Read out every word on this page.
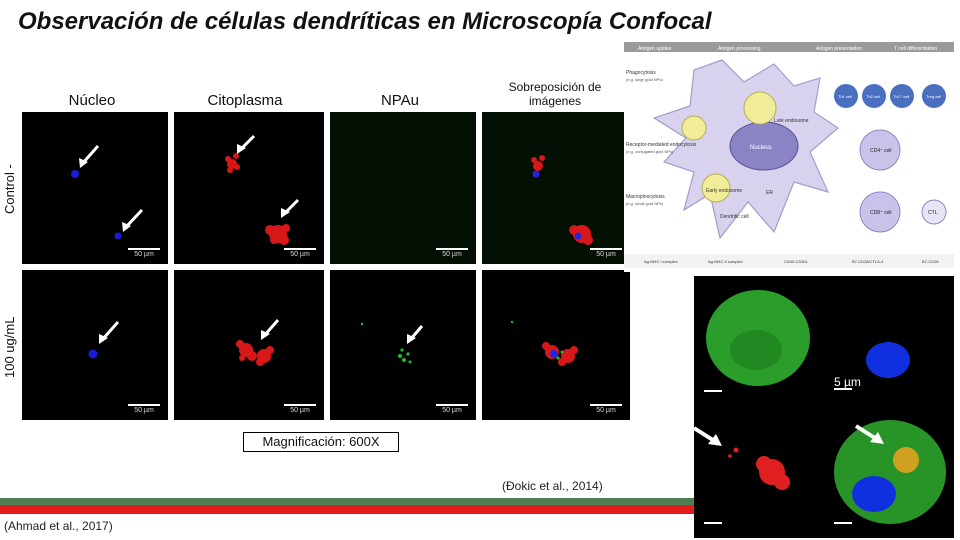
Observación de células dendríticas en Microscopía Confocal
Núcleo	Citoplasma	NPAu
Sobreposición de imágenes
Control -
100 ug/mL
50 µm	50 µm	50 µm	50 µm
50 µm	50 µm	50 µm	50 µm
Magnificación: 600X
(Đokic et al., 2014)
(Ahmad et al., 2017)
Antigen uptake	Antigen processing	Antigen presentation	T cell differentiation
Nucleus
Late endosome
Early endosome	ER
Dendritic cell
Phagocytosis
(e.g. large gold NPs)
Receptor-mediated endocytosis
(e.g. conjugated gold NPs)
Macropinocytosis
(e.g. small gold NPs)
CD4⁺ cell
CD8⁺ cell	CTL
Th1 cell	Th2 cell	Th17 cell	Treg cell
Ag-MHC I complex	Ag-MHC II complex	CD40-CD40L	B7-CD28/CTLA-4	B7-CD28
5 µm
